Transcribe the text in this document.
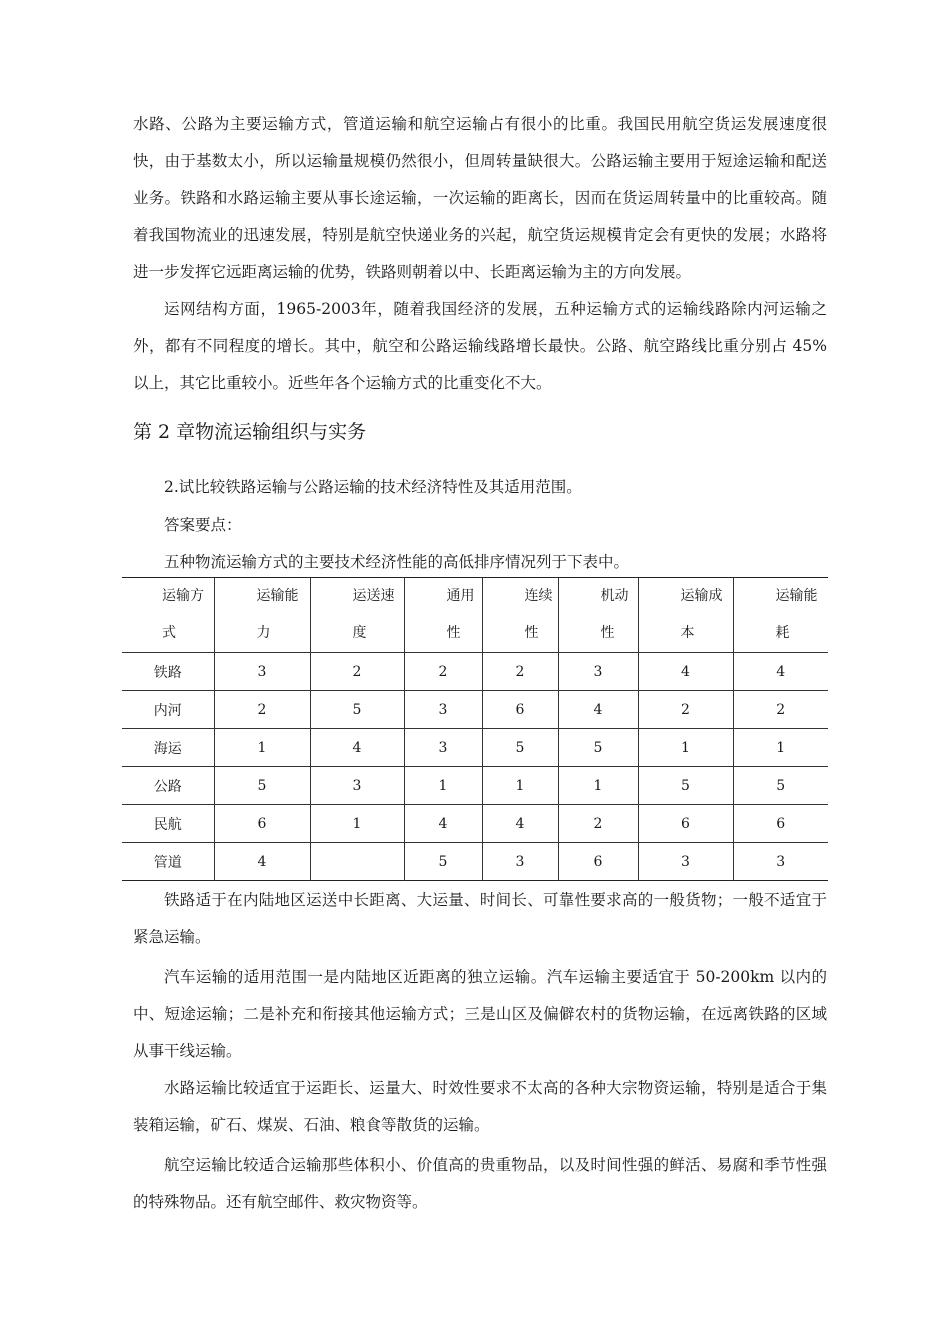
水路、公路为主要运输方式，管道运输和航空运输占有很小的比重。我国民用航空货运发展速度很快，由于基数太小，所以运输量规模仍然很小，但周转量缺很大。公路运输主要用于短途运输和配送业务。铁路和水路运输主要从事长途运输，一次运输的距离长，因而在货运周转量中的比重较高。随着我国物流业的迅速发展，特别是航空快递业务的兴起，航空货运规模肯定会有更快的发展；水路将进一步发挥它远距离运输的优势，铁路则朝着以中、长距离运输为主的方向发展。

运网结构方面，1965-2003年，随着我国经济的发展，五种运输方式的运输线路除内河运输之外，都有不同程度的增长。其中，航空和公路运输线路增长最快。公路、航空路线比重分别占 45% 以上，其它比重较小。近些年各个运输方式的比重变化不大。

第 2 章物流运输组织与实务

2.试比较铁路运输与公路运输的技术经济特性及其适用范围。

答案要点：

五种物流运输方式的主要技术经济性能的高低排序情况列于下表中。

运输方式	运输能力	运送速度	通用性	连续性	机动性	运输成本	运输能耗
铁路	3	2	2	2	3	4	4
内河	2	5	3	6	4	2	2
海运	1	4	3	5	5	1	1
公路	5	3	1	1	1	5	5
民航	6	1	4	4	2	6	6
管道	4		5	3	6	3	3

铁路适于在内陆地区运送中长距离、大运量、时间长、可靠性要求高的一般货物；一般不适宜于紧急运输。

汽车运输的适用范围一是内陆地区近距离的独立运输。汽车运输主要适宜于 50-200km 以内的中、短途运输；二是补充和衔接其他运输方式；三是山区及偏僻农村的货物运输，在远离铁路的区域从事干线运输。

水路运输比较适宜于运距长、运量大、时效性要求不太高的各种大宗物资运输，特别是适合于集装箱运输，矿石、煤炭、石油、粮食等散货的运输。

航空运输比较适合运输那些体积小、价值高的贵重物品，以及时间性强的鲜活、易腐和季节性强的特殊物品。还有航空邮件、救灾物资等。
